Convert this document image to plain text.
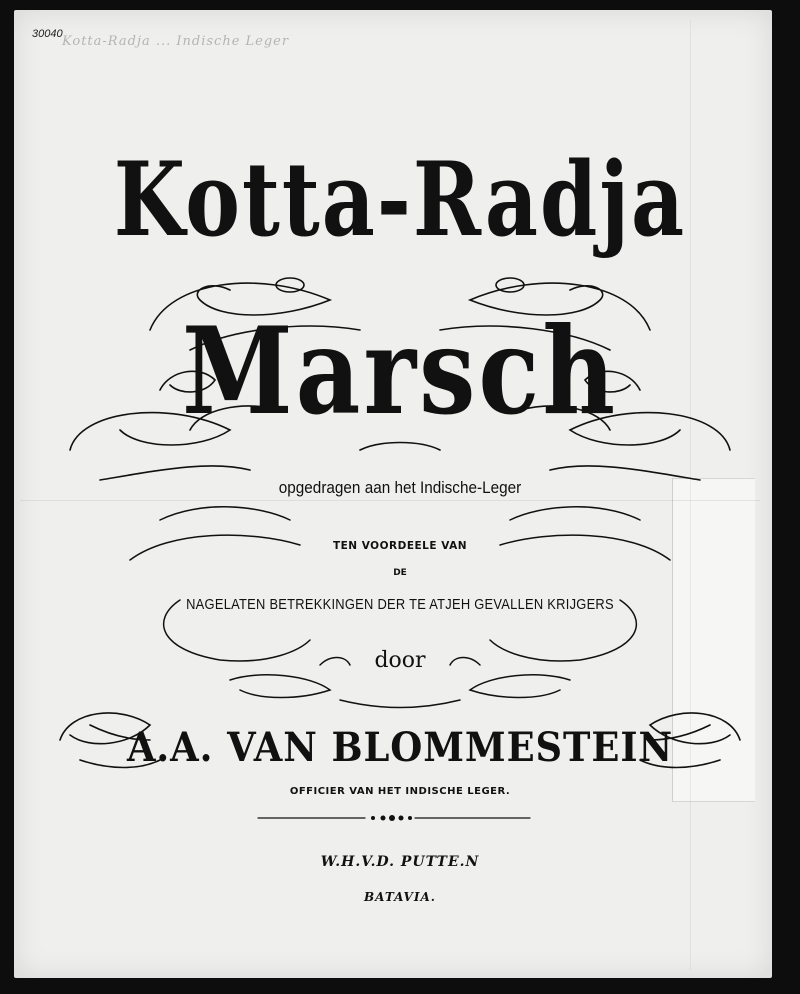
30040 Kotta-Radja ... Indische Leger
Kotta-Radja
Marsch
opgedragen aan het Indische-Leger
TEN VOORDEELE VAN
DE
NAGELATEN BETREKKINGEN DER TE ATJEH GEVALLEN KRIJGERS
door
A.A. VAN BLOMMESTEIN
OFFICIER VAN HET INDISCHE LEGER.
W.H.V.D. PUTTE.N
BATAVIA.
